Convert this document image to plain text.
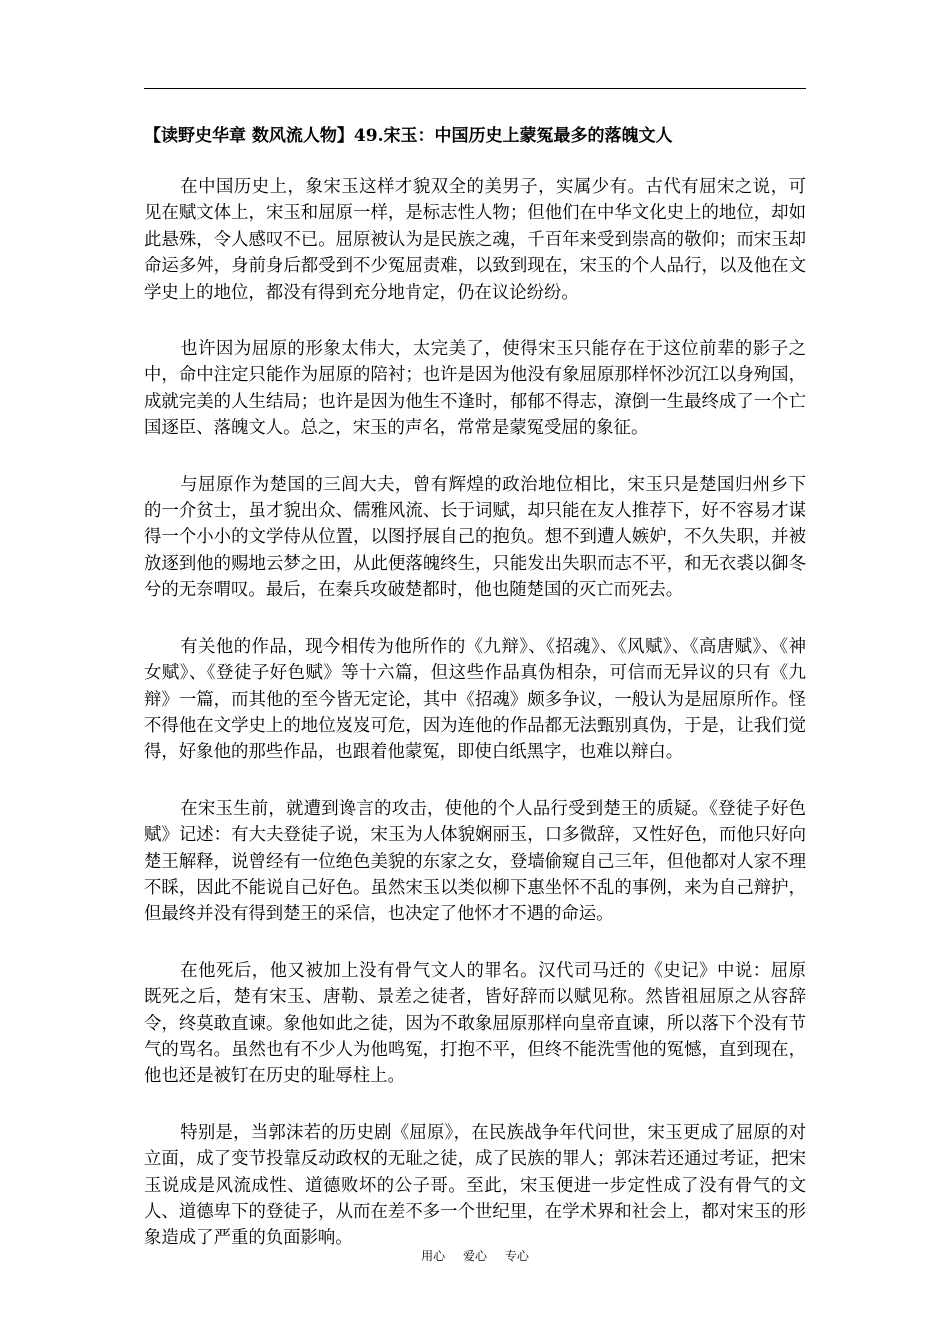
【读野史华章 数风流人物】49.宋玉：中国历史上蒙冤最多的落魄文人

在中国历史上，象宋玉这样才貌双全的美男子，实属少有。古代有屈宋之说，可见在赋文体上，宋玉和屈原一样，是标志性人物；但他们在中华文化史上的地位，却如此悬殊，令人感叹不已。屈原被认为是民族之魂，千百年来受到崇高的敬仰；而宋玉却命运多舛，身前身后都受到不少冤屈责难，以致到现在，宋玉的个人品行，以及他在文学史上的地位，都没有得到充分地肯定，仍在议论纷纷。

也许因为屈原的形象太伟大，太完美了，使得宋玉只能存在于这位前辈的影子之中，命中注定只能作为屈原的陪衬；也许是因为他没有象屈原那样怀沙沉江以身殉国，成就完美的人生结局；也许是因为他生不逢时，郁郁不得志，潦倒一生最终成了一个亡国逐臣、落魄文人。总之，宋玉的声名，常常是蒙冤受屈的象征。

与屈原作为楚国的三闾大夫，曾有辉煌的政治地位相比，宋玉只是楚国归州乡下的一介贫士，虽才貌出众、儒雅风流、长于词赋，却只能在友人推荐下，好不容易才谋得一个小小的文学侍从位置，以图抒展自己的抱负。想不到遭人嫉妒，不久失职，并被放逐到他的赐地云梦之田，从此便落魄终生，只能发出失职而志不平，和无衣裘以御冬兮的无奈喟叹。最后，在秦兵攻破楚都时，他也随楚国的灭亡而死去。

有关他的作品，现今相传为他所作的《九辩》、《招魂》、《风赋》、《高唐赋》、《神女赋》、《登徒子好色赋》等十六篇，但这些作品真伪相杂，可信而无异议的只有《九辩》一篇，而其他的至今皆无定论，其中《招魂》颇多争议，一般认为是屈原所作。怪不得他在文学史上的地位岌岌可危，因为连他的作品都无法甄别真伪，于是，让我们觉得，好象他的那些作品，也跟着他蒙冤，即使白纸黑字，也难以辩白。

在宋玉生前，就遭到谗言的攻击，使他的个人品行受到楚王的质疑。《登徒子好色赋》记述：有大夫登徒子说，宋玉为人体貌娴丽玉，口多微辞，又性好色，而他只好向楚王解释，说曾经有一位绝色美貌的东家之女，登墙偷窥自己三年，但他都对人家不理不睬，因此不能说自己好色。虽然宋玉以类似柳下惠坐怀不乱的事例，来为自己辩护，但最终并没有得到楚王的采信，也决定了他怀才不遇的命运。

在他死后，他又被加上没有骨气文人的罪名。汉代司马迁的《史记》中说：屈原既死之后，楚有宋玉、唐勒、景差之徒者，皆好辞而以赋见称。然皆祖屈原之从容辞令，终莫敢直谏。象他如此之徒，因为不敢象屈原那样向皇帝直谏，所以落下个没有节气的骂名。虽然也有不少人为他鸣冤，打抱不平，但终不能洗雪他的冤憾，直到现在，他也还是被钉在历史的耻辱柱上。

特别是，当郭沫若的历史剧《屈原》，在民族战争年代问世，宋玉更成了屈原的对立面，成了变节投靠反动政权的无耻之徒，成了民族的罪人；郭沫若还通过考证，把宋玉说成是风流成性、道德败坏的公子哥。至此，宋玉便进一步定性成了没有骨气的文人、道德卑下的登徒子，从而在差不多一个世纪里，在学术界和社会上，都对宋玉的形象造成了严重的负面影响。

用心 爱心 专心
